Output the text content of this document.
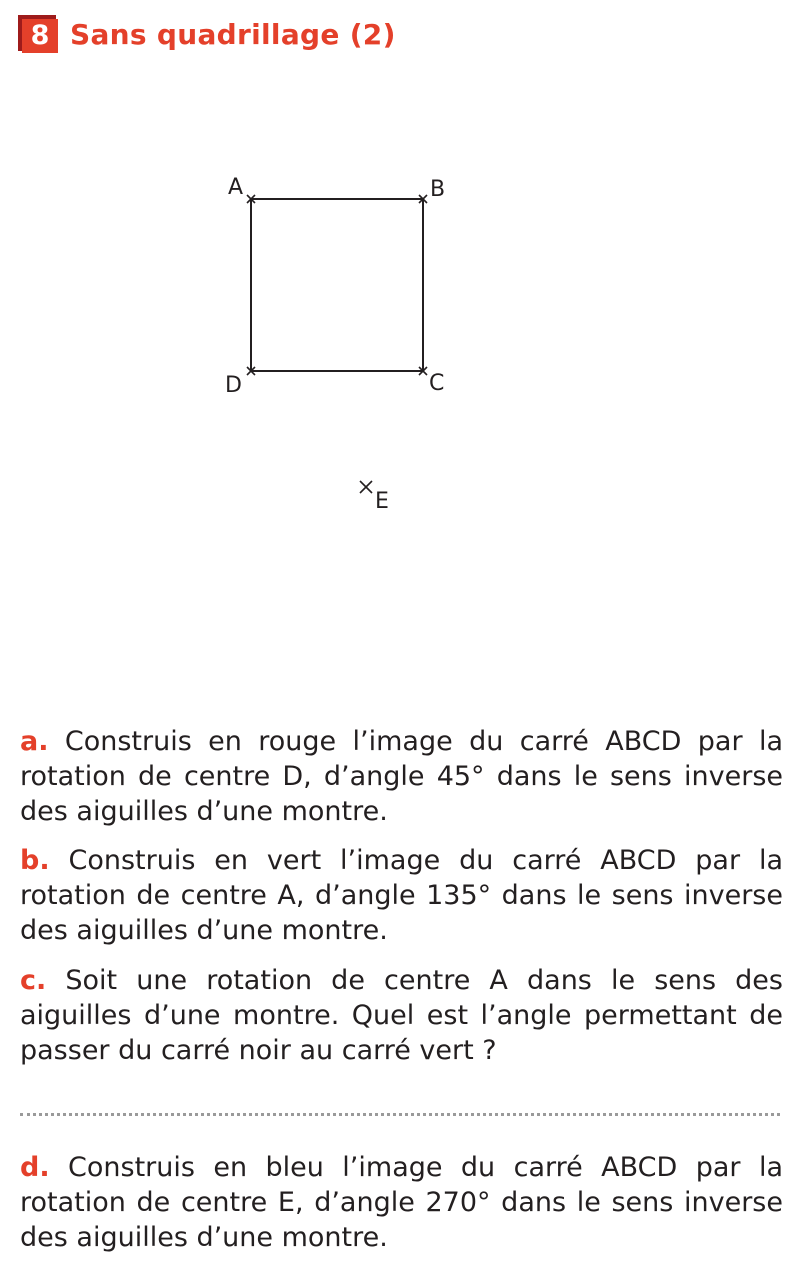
8 Sans quadrillage (2)
A	B
C
D
E
a. Construis en rouge l’image du carré ABCD par la rotation de centre D, d’angle 45° dans le sens inverse des aiguilles d’une montre.
b. Construis en vert l’image du carré ABCD par la rotation de centre A, d’angle 135° dans le sens inverse des aiguilles d’une montre.
c. Soit une rotation de centre A dans le sens des aiguilles d’une montre. Quel est l’angle permettant de passer du carré noir au carré vert ?
d. Construis en bleu l’image du carré ABCD par la rotation de centre E, d’angle 270° dans le sens inverse des aiguilles d’une montre.
